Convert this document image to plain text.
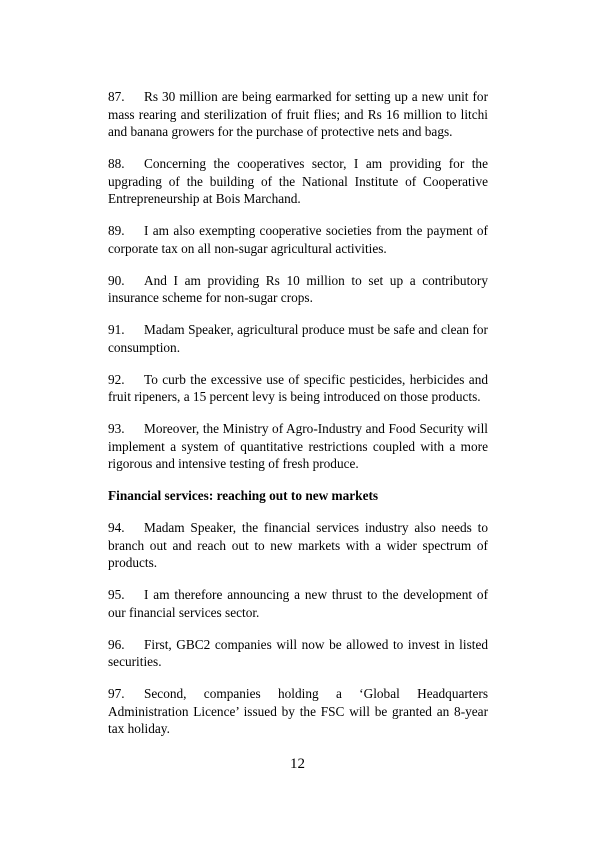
87. Rs 30 million are being earmarked for setting up a new unit for mass rearing and sterilization of fruit flies; and Rs 16 million to litchi and banana growers for the purchase of protective nets and bags.

88. Concerning the cooperatives sector, I am providing for the upgrading of the building of the National Institute of Cooperative Entrepreneurship at Bois Marchand.

89. I am also exempting cooperative societies from the payment of corporate tax on all non-sugar agricultural activities.

90. And I am providing Rs 10 million to set up a contributory insurance scheme for non-sugar crops.

91. Madam Speaker, agricultural produce must be safe and clean for consumption.

92. To curb the excessive use of specific pesticides, herbicides and fruit ripeners, a 15 percent levy is being introduced on those products.

93. Moreover, the Ministry of Agro-Industry and Food Security will implement a system of quantitative restrictions coupled with a more rigorous and intensive testing of fresh produce.

Financial services: reaching out to new markets

94. Madam Speaker, the financial services industry also needs to branch out and reach out to new markets with a wider spectrum of products.

95. I am therefore announcing a new thrust to the development of our financial services sector.

96. First, GBC2 companies will now be allowed to invest in listed securities.

97. Second, companies holding a ‘Global Headquarters Administration Licence’ issued by the FSC will be granted an 8-year tax holiday.

12
